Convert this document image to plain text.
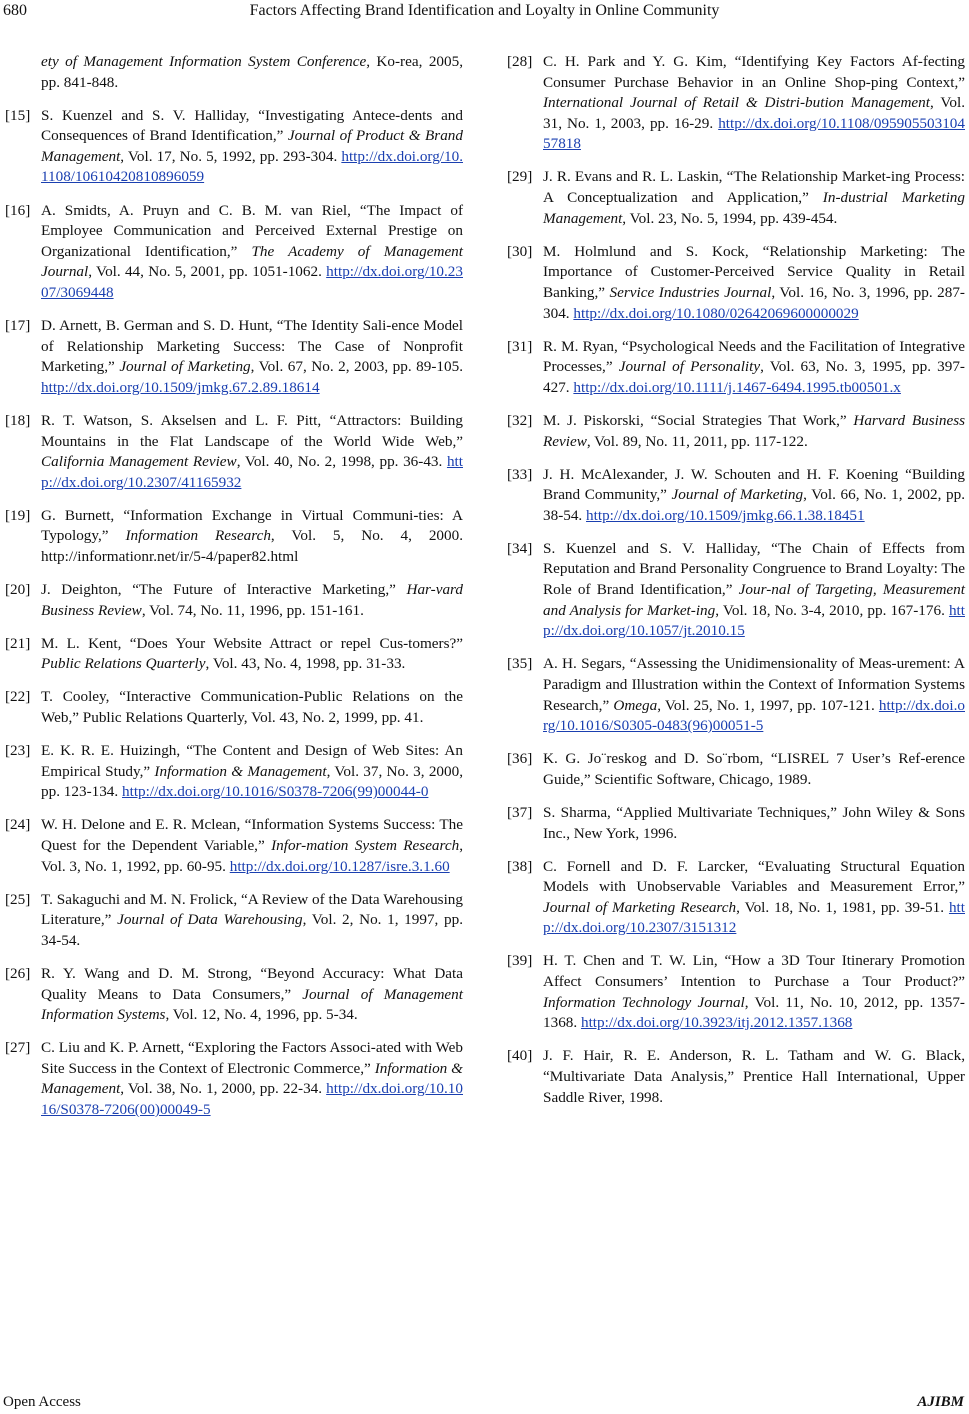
680	Factors Affecting Brand Identification and Loyalty in Online Community
ety of Management Information System Conference, Ko-rea, 2005, pp. 841-848.
[15] S. Kuenzel and S. V. Halliday, “Investigating Antece-dents and Consequences of Brand Identification,” Journal of Product & Brand Management, Vol. 17, No. 5, 1992, pp. 293-304. http://dx.doi.org/10.1108/10610420810896059
[16] A. Smidts, A. Pruyn and C. B. M. van Riel, “The Impact of Employee Communication and Perceived External Prestige on Organizational Identification,” The Academy of Management Journal, Vol. 44, No. 5, 2001, pp. 1051-1062. http://dx.doi.org/10.2307/3069448
[17] D. Arnett, B. German and S. D. Hunt, “The Identity Sali-ence Model of Relationship Marketing Success: The Case of Nonprofit Marketing,” Journal of Marketing, Vol. 67, No. 2, 2003, pp. 89-105. http://dx.doi.org/10.1509/jmkg.67.2.89.18614
[18] R. T. Watson, S. Akselsen and L. F. Pitt, “Attractors: Building Mountains in the Flat Landscape of the World Wide Web,” California Management Review, Vol. 40, No. 2, 1998, pp. 36-43. http://dx.doi.org/10.2307/41165932
[19] G. Burnett, “Information Exchange in Virtual Communi-ties: A Typology,” Information Research, Vol. 5, No. 4, 2000. http://informationr.net/ir/5-4/paper82.html
[20] J. Deighton, “The Future of Interactive Marketing,” Har-vard Business Review, Vol. 74, No. 11, 1996, pp. 151-161.
[21] M. L. Kent, “Does Your Website Attract or repel Cus-tomers?” Public Relations Quarterly, Vol. 43, No. 4, 1998, pp. 31-33.
[22] T. Cooley, “Interactive Communication-Public Relations on the Web,” Public Relations Quarterly, Vol. 43, No. 2, 1999, pp. 41.
[23] E. K. R. E. Huizingh, “The Content and Design of Web Sites: An Empirical Study,” Information & Management, Vol. 37, No. 3, 2000, pp. 123-134. http://dx.doi.org/10.1016/S0378-7206(99)00044-0
[24] W. H. Delone and E. R. Mclean, “Information Systems Success: The Quest for the Dependent Variable,” Infor-mation System Research, Vol. 3, No. 1, 1992, pp. 60-95. http://dx.doi.org/10.1287/isre.3.1.60
[25] T. Sakaguchi and M. N. Frolick, “A Review of the Data Warehousing Literature,” Journal of Data Warehousing, Vol. 2, No. 1, 1997, pp. 34-54.
[26] R. Y. Wang and D. M. Strong, “Beyond Accuracy: What Data Quality Means to Data Consumers,” Journal of Management Information Systems, Vol. 12, No. 4, 1996, pp. 5-34.
[27] C. Liu and K. P. Arnett, “Exploring the Factors Associ-ated with Web Site Success in the Context of Electronic Commerce,” Information & Management, Vol. 38, No. 1, 2000, pp. 22-34. http://dx.doi.org/10.1016/S0378-7206(00)00049-5
[28] C. H. Park and Y. G. Kim, “Identifying Key Factors Af-fecting Consumer Purchase Behavior in an Online Shop-ping Context,” International Journal of Retail & Distri-bution Management, Vol. 31, No. 1, 2003, pp. 16-29. http://dx.doi.org/10.1108/09590550310457818
[29] J. R. Evans and R. L. Laskin, “The Relationship Market-ing Process: A Conceptualization and Application,” In-dustrial Marketing Management, Vol. 23, No. 5, 1994, pp. 439-454.
[30] M. Holmlund and S. Kock, “Relationship Marketing: The Importance of Customer-Perceived Service Quality in Retail Banking,” Service Industries Journal, Vol. 16, No. 3, 1996, pp. 287-304. http://dx.doi.org/10.1080/02642069600000029
[31] R. M. Ryan, “Psychological Needs and the Facilitation of Integrative Processes,” Journal of Personality, Vol. 63, No. 3, 1995, pp. 397-427. http://dx.doi.org/10.1111/j.1467-6494.1995.tb00501.x
[32] M. J. Piskorski, “Social Strategies That Work,” Harvard Business Review, Vol. 89, No. 11, 2011, pp. 117-122.
[33] J. H. McAlexander, J. W. Schouten and H. F. Koening “Building Brand Community,” Journal of Marketing, Vol. 66, No. 1, 2002, pp. 38-54. http://dx.doi.org/10.1509/jmkg.66.1.38.18451
[34] S. Kuenzel and S. V. Halliday, “The Chain of Effects from Reputation and Brand Personality Congruence to Brand Loyalty: The Role of Brand Identification,” Jour-nal of Targeting, Measurement and Analysis for Market-ing, Vol. 18, No. 3-4, 2010, pp. 167-176. http://dx.doi.org/10.1057/jt.2010.15
[35] A. H. Segars, “Assessing the Unidimensionality of Meas-urement: A Paradigm and Illustration within the Context of Information Systems Research,” Omega, Vol. 25, No. 1, 1997, pp. 107-121. http://dx.doi.org/10.1016/S0305-0483(96)00051-5
[36] K. G. Jo¨reskog and D. So¨rbom, “LISREL 7 User’s Ref-erence Guide,” Scientific Software, Chicago, 1989.
[37] S. Sharma, “Applied Multivariate Techniques,” John Wiley & Sons Inc., New York, 1996.
[38] C. Fornell and D. F. Larcker, “Evaluating Structural Equation Models with Unobservable Variables and Measurement Error,” Journal of Marketing Research, Vol. 18, No. 1, 1981, pp. 39-51. http://dx.doi.org/10.2307/3151312
[39] H. T. Chen and T. W. Lin, “How a 3D Tour Itinerary Promotion Affect Consumers’ Intention to Purchase a Tour Product?” Information Technology Journal, Vol. 11, No. 10, 2012, pp. 1357-1368. http://dx.doi.org/10.3923/itj.2012.1357.1368
[40] J. F. Hair, R. E. Anderson, R. L. Tatham and W. G. Black, “Multivariate Data Analysis,” Prentice Hall International, Upper Saddle River, 1998.
Open Access	AJIBM
